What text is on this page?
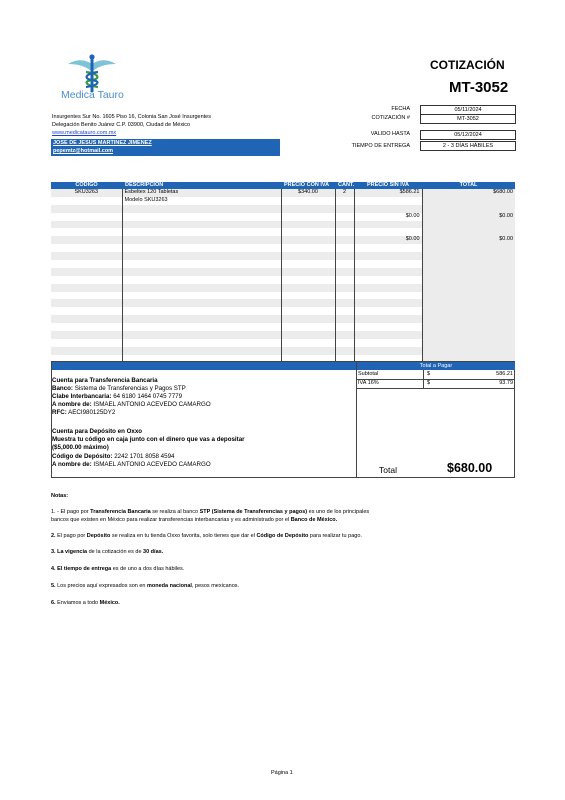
Medica Tauro
Insurgentes Sur No. 1605 Piso 16, Colonia San José Insurgentes
Delegación Benito Juárez C.P. 03900, Ciudad de México
www.medicatauro.com.mx
JOSE DE JESUS MARTINEZ JIMENEZ
pepemtz@hotmail.com
COTIZACIÓN
MT-3052
FECHA	05/11/2024
COTIZACIÓN #	MT-3052
VALIDO HASTA	05/12/2024
TIEMPO DE ENTREGA	2 - 3 DÍAS HÁBILES
CODIGO	DESCRIPCIÓN	PRECIO CON IVA	CANT.	PRECIO SIN IVA	TOTAL
SKU3263	Esbeltex 120 Tabletas	$340.00	2	$586.21	$680.00
	Modelo SKU3263				

				$0.00	$0.00

				$0.00	$0.00

Total a Pagar
Cuenta para Transferencia Bancaria
Banco: Sistema de Transferencias y Pagos STP
Clabe Interbancaria: 64 6180 1464 0745 7779
A nombre de: ISMAEL ANTONIO ACEVEDO CAMARGO
RFC: AECI980125DY2
Cuenta para Depósito en Oxxo
Muestra tu código en caja junto con el dinero que vas a depositar
($5,000.00 máximo)
Código de Depósito: 2242 1701 8058 4594
A nombre de: ISMAEL ANTONIO ACEVEDO CAMARGO
Subtotal	$	586.21
IVA 16%	$	93.79
Total	$680.00
Notas:
1. - El pago por Transferencia Bancaria se realiza al banco STP (Sistema de Transferencias y pagos) es uno de los principales
bancos que existen en México para realizar transferencias interbancarias y es administrado por el Banco de México.
2. El pago por Depósito se realiza en tu tienda Oxxo favorita, solo tienes que dar el Código de Depósito para realizar tu pago.
3. La vigencia de la cotización es de 30 días.
4. El tiempo de entrega es de uno a dos días hábiles.
5. Los precios aquí expresados son en moneda nacional, pesos mexicanos.
6. Enviamos a todo México.
Página 1
